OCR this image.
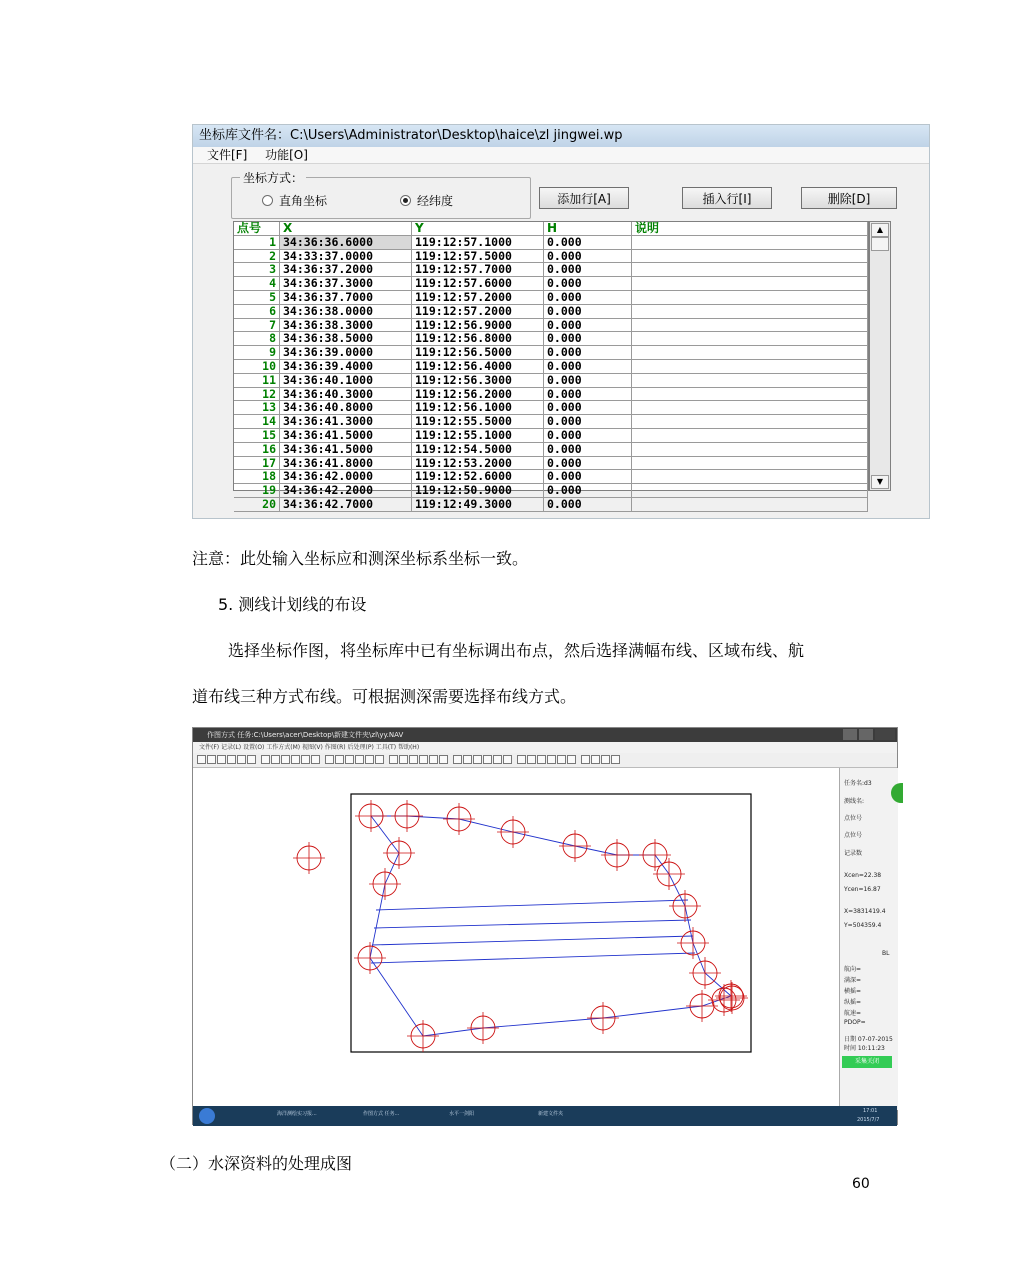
坐标库文件名：C:\Users\Administrator\Desktop\haice\zl jingwei.wp
文件[F] 功能[O]
坐标方式：
直角坐标	经纬度	添加行[A]	插入行[I]	删除[D]
点号	X	Y	H	说明
1 34:36:36.6000	119:12:57.1000	0.000
2 34:33:37.0000	119:12:57.5000	0.000
3 34:36:37.2000	119:12:57.7000	0.000
4 34:36:37.3000	119:12:57.6000	0.000
5 34:36:37.7000	119:12:57.2000	0.000
6 34:36:38.0000	119:12:57.2000	0.000
7 34:36:38.3000	119:12:56.9000	0.000
8 34:36:38.5000	119:12:56.8000	0.000
9 34:36:39.0000	119:12:56.5000	0.000
10 34:36:39.4000	119:12:56.4000	0.000
11 34:36:40.1000	119:12:56.3000	0.000
12 34:36:40.3000	119:12:56.2000	0.000
13 34:36:40.8000	119:12:56.1000	0.000
14 34:36:41.3000	119:12:55.5000	0.000
15 34:36:41.5000	119:12:55.1000	0.000
16 34:36:41.5000	119:12:54.5000	0.000
17 34:36:41.8000	119:12:53.2000	0.000
18 34:36:42.0000	119:12:52.6000	0.000
19 34:36:42.2000	119:12:50.9000	0.000
20 34:36:42.7000	119:12:49.3000	0.000
▲
▼
注意：此处输入坐标应和测深坐标系坐标一致。
5. 测线计划线的布设
选择坐标作图，将坐标库中已有坐标调出布点，然后选择满幅布线、区域布线、航
道布线三种方式布线。可根据测深需要选择布线方式。
作图方式 任务:C:\Users\acer\Desktop\新建文件夹\zl\yy.NAV
文件(F) 记录(L) 设置(O) 工作方式(M) 视图(V) 作图(R) 后处理(P) 工具(T) 帮助(H)
任务名:d3
测线名:
点位号
点位号
记录数
Xcen=22.38
Ycen=16.87
X=3831419.4
Y=504359.4
BL
航向=
满深=
横摇=
纵摇=
航速=
PDOP=
日期 07-07-2015
时间 10:11:23
采集关闭
海洋测绘实习报...	作图方式 任务...	水平一剑阳	新建文件夹	17:01
2015/7/7
（二）水深资料的处理成图
60
